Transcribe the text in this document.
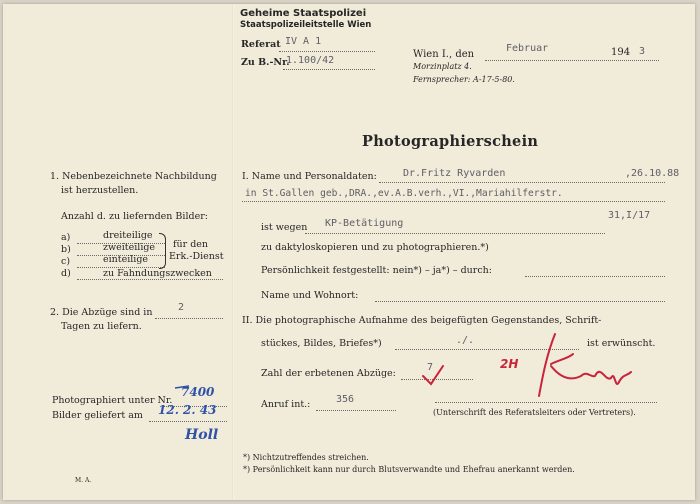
Geheime Staatspolizei
Staatspolizeileitstelle Wien
Referat IV A 1
Zu B.-Nr.
1.100/42
Wien I., den
Februar	194 3
Morzinplatz 4.
Fernsprecher: A-17-5-80.
Photographierschein
1. Nebenbezeichnete Nachbildung
ist herzustellen.
Anzahl d. zu liefernden Bilder:
a)	dreiteilige
b)	zweiteilige
c)	einteilige
für den
Erk.-Dienst
d)	zu Fahndungszwecken
2. Die Abzüge sind in	2
Tagen zu liefern.
Photographiert unter Nr.
7400
Bilder geliefert am 12. 2. 43
Holl
M. A.
I. Name und Personaldaten:	Dr.Fritz Ryvarden	,26.10.88
in St.Gallen geb.,DRA.,ev.A.B.verh.,VI.,Mariahilferstr.
31,I/17
ist wegen KP-Betätigung
zu daktyloskopieren und zu photographieren.*)
Persönlichkeit festgestellt: nein*) – ja*) – durch:
Name und Wohnort:
II. Die photographische Aufnahme des beigefügten Gegenstandes, Schrift-
stückes, Bildes, Briefes*)	./.	ist erwünscht.
Zahl der erbetenen Abzüge:
7	2H
Anruf int.:	356
(Unterschrift des Referatsleiters oder Vertreters).
*) Nichtzutreffendes streichen.
*) Persönlichkeit kann nur durch Blutsverwandte und Ehefrau anerkannt werden.
